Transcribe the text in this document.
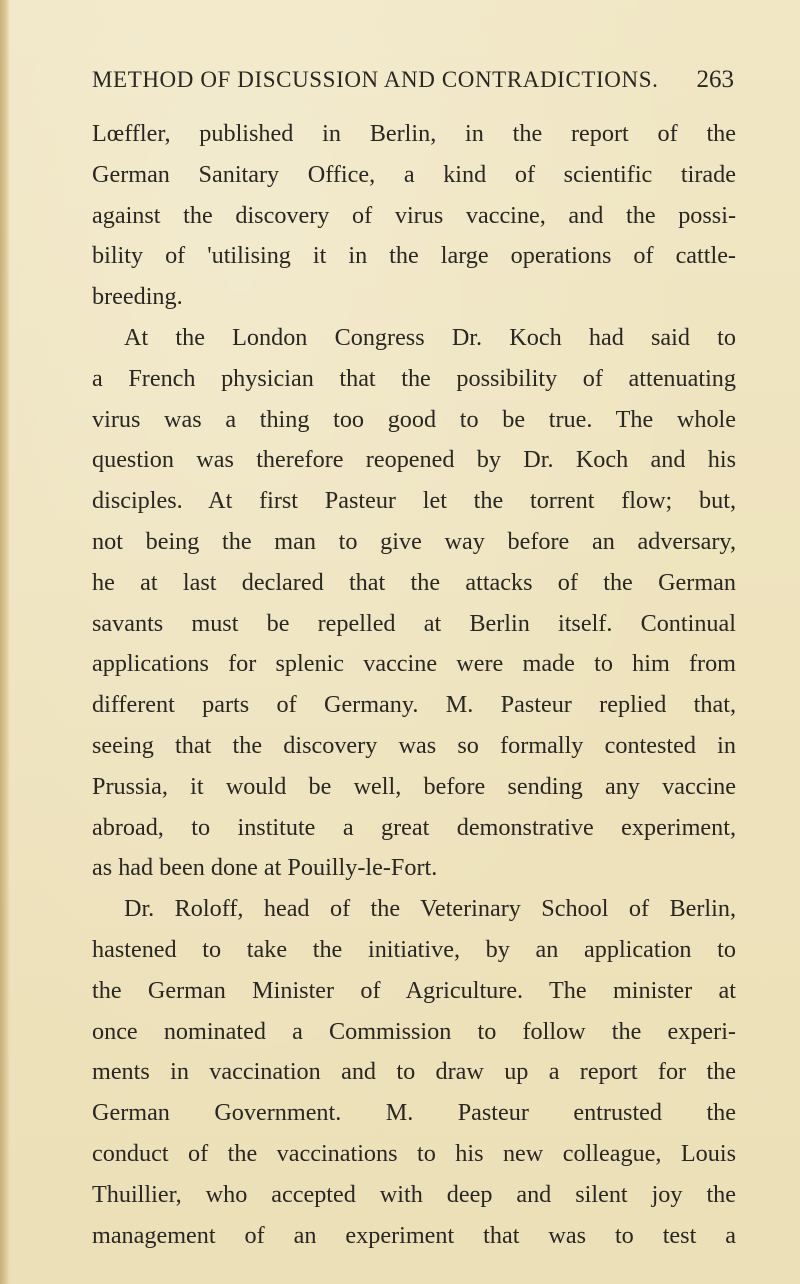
METHOD OF DISCUSSION AND CONTRADICTIONS. 263
Lœffler, published in Berlin, in the report of the
German Sanitary Office, a kind of scientific tirade
against the discovery of virus vaccine, and the possi-
bility of 'utilising it in the large operations of cattle-
breeding.
At the London Congress Dr. Koch had said to
a French physician that the possibility of attenuating
virus was a thing too good to be true. The whole
question was therefore reopened by Dr. Koch and his
disciples. At first Pasteur let the torrent flow; but,
not being the man to give way before an adversary,
he at last declared that the attacks of the German
savants must be repelled at Berlin itself. Continual
applications for splenic vaccine were made to him from
different parts of Germany. M. Pasteur replied that,
seeing that the discovery was so formally contested in
Prussia, it would be well, before sending any vaccine
abroad, to institute a great demonstrative experiment,
as had been done at Pouilly-le-Fort.
Dr. Roloff, head of the Veterinary School of Berlin,
hastened to take the initiative, by an application to
the German Minister of Agriculture. The minister at
once nominated a Commission to follow the experi-
ments in vaccination and to draw up a report for the
German Government. M. Pasteur entrusted the
conduct of the vaccinations to his new colleague, Louis
Thuillier, who accepted with deep and silent joy the
management of an experiment that was to test a
